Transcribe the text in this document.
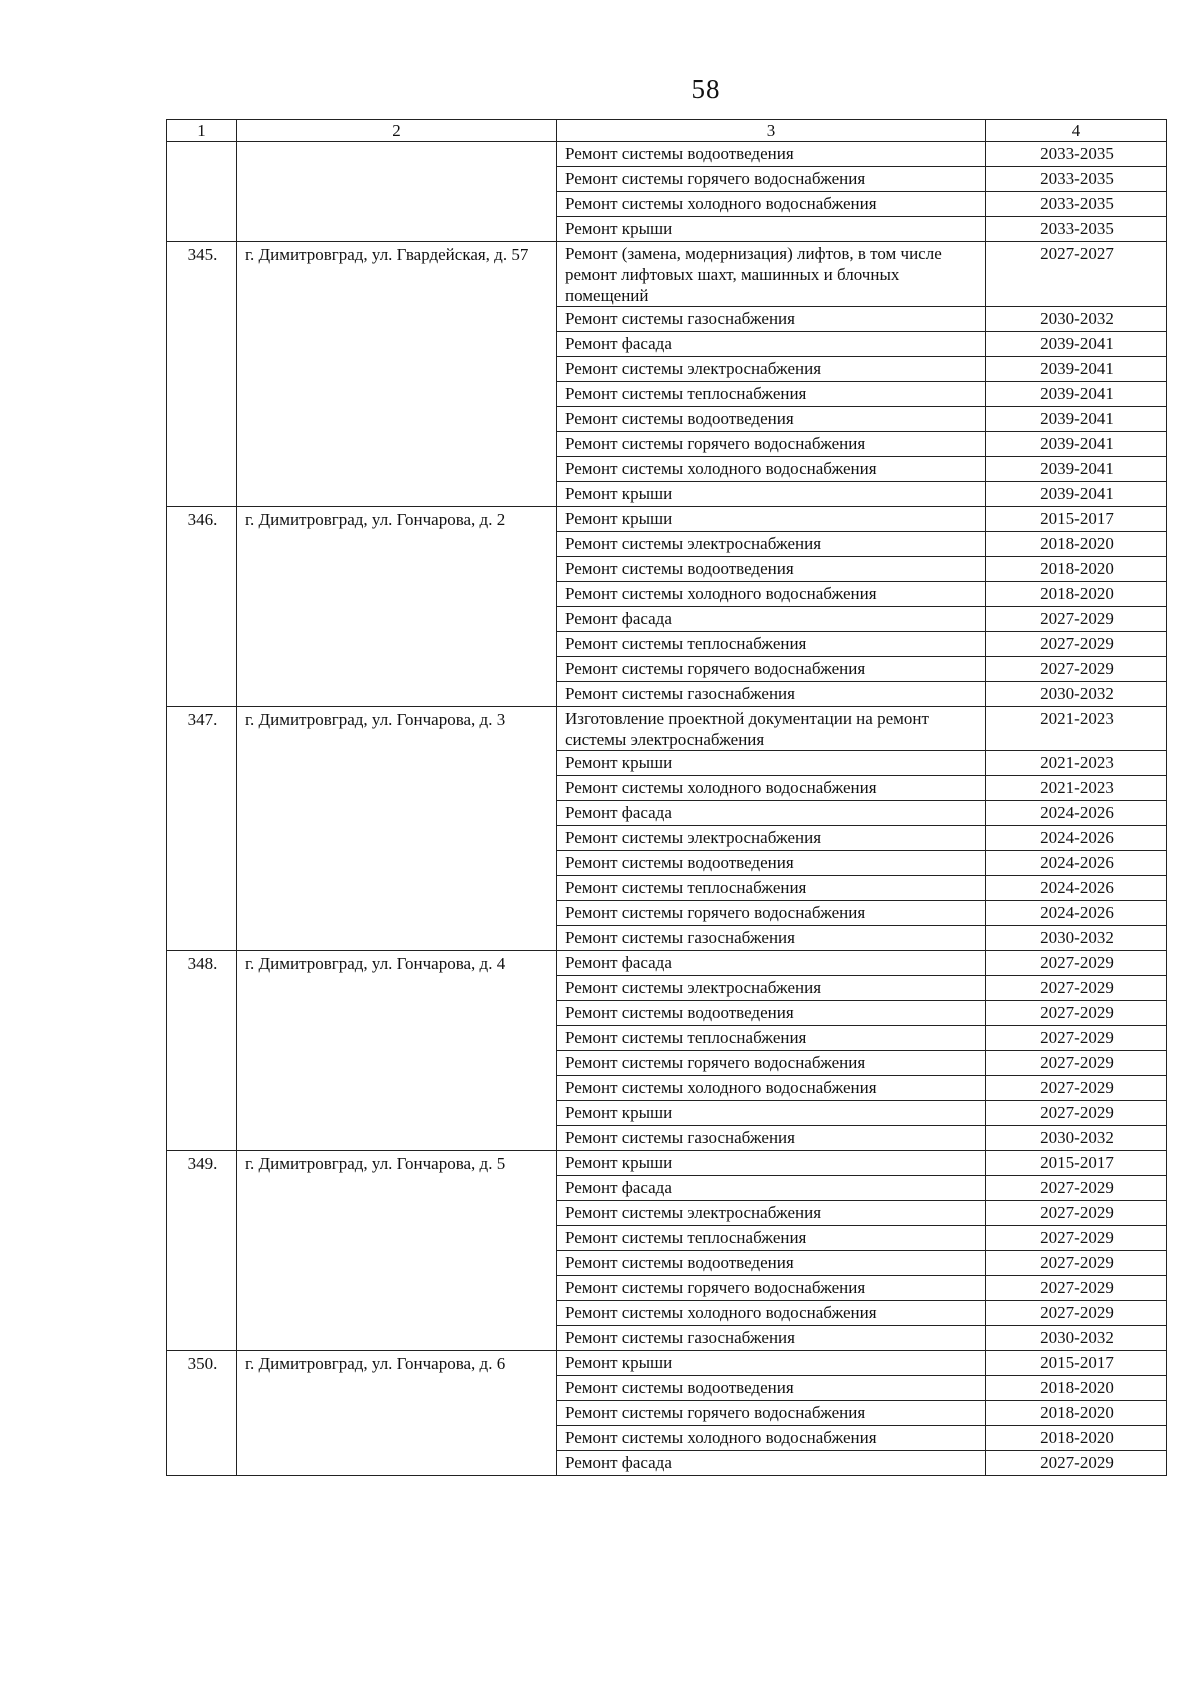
58
1	2	3	4
		Ремонт системы водоотведения	2033-2035
		Ремонт системы горячего водоснабжения	2033-2035
		Ремонт системы холодного водоснабжения	2033-2035
		Ремонт крыши	2033-2035
345.	г. Димитровград, ул. Гвардейская, д. 57	Ремонт (замена, модернизация) лифтов, в том числе ремонт лифтовых шахт, машинных и блочных помещений	2027-2027
		Ремонт системы газоснабжения	2030-2032
		Ремонт фасада	2039-2041
		Ремонт системы электроснабжения	2039-2041
		Ремонт системы теплоснабжения	2039-2041
		Ремонт системы водоотведения	2039-2041
		Ремонт системы горячего водоснабжения	2039-2041
		Ремонт системы холодного водоснабжения	2039-2041
		Ремонт крыши	2039-2041
346.	г. Димитровград, ул. Гончарова, д. 2	Ремонт крыши	2015-2017
		Ремонт системы электроснабжения	2018-2020
		Ремонт системы водоотведения	2018-2020
		Ремонт системы холодного водоснабжения	2018-2020
		Ремонт фасада	2027-2029
		Ремонт системы теплоснабжения	2027-2029
		Ремонт системы горячего водоснабжения	2027-2029
		Ремонт системы газоснабжения	2030-2032
347.	г. Димитровград, ул. Гончарова, д. 3	Изготовление проектной документации на ремонт системы электроснабжения	2021-2023
		Ремонт крыши	2021-2023
		Ремонт системы холодного водоснабжения	2021-2023
		Ремонт фасада	2024-2026
		Ремонт системы электроснабжения	2024-2026
		Ремонт системы водоотведения	2024-2026
		Ремонт системы теплоснабжения	2024-2026
		Ремонт системы горячего водоснабжения	2024-2026
		Ремонт системы газоснабжения	2030-2032
348.	г. Димитровград, ул. Гончарова, д. 4	Ремонт фасада	2027-2029
		Ремонт системы электроснабжения	2027-2029
		Ремонт системы водоотведения	2027-2029
		Ремонт системы теплоснабжения	2027-2029
		Ремонт системы горячего водоснабжения	2027-2029
		Ремонт системы холодного водоснабжения	2027-2029
		Ремонт крыши	2027-2029
		Ремонт системы газоснабжения	2030-2032
349.	г. Димитровград, ул. Гончарова, д. 5	Ремонт крыши	2015-2017
		Ремонт фасада	2027-2029
		Ремонт системы электроснабжения	2027-2029
		Ремонт системы теплоснабжения	2027-2029
		Ремонт системы водоотведения	2027-2029
		Ремонт системы горячего водоснабжения	2027-2029
		Ремонт системы холодного водоснабжения	2027-2029
		Ремонт системы газоснабжения	2030-2032
350.	г. Димитровград, ул. Гончарова, д. 6	Ремонт крыши	2015-2017
		Ремонт системы водоотведения	2018-2020
		Ремонт системы горячего водоснабжения	2018-2020
		Ремонт системы холодного водоснабжения	2018-2020
		Ремонт фасада	2027-2029
